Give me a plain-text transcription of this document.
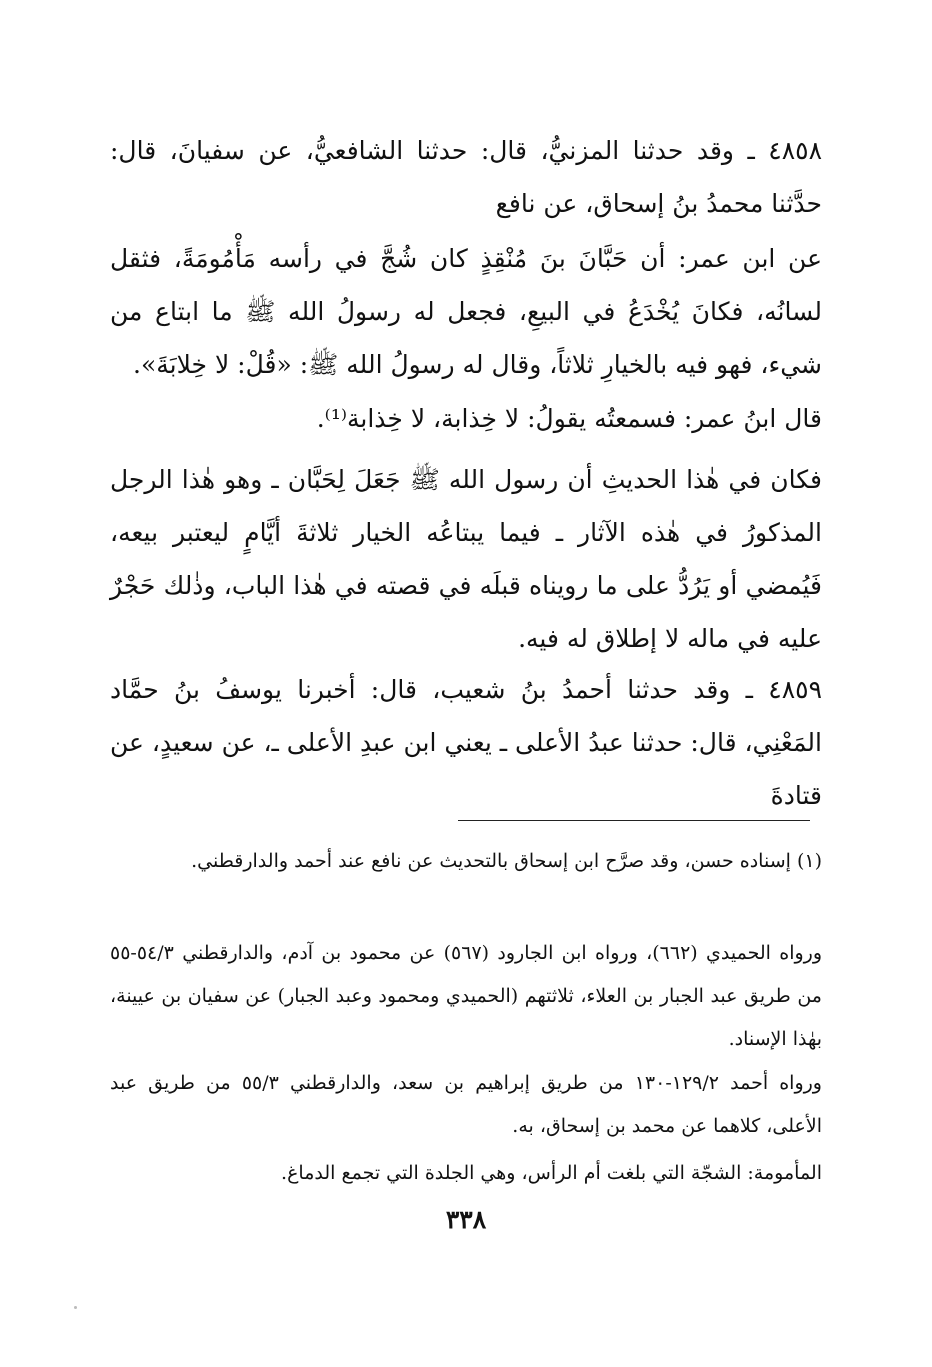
٤٨٥٨ ـ وقد حدثنا المزنيُّ، قال: حدثنا الشافعيُّ، عن سفيانَ، قال: حدَّثنا محمدُ بنُ إسحاق، عن نافع

عن ابن عمر: أن حَبَّانَ بنَ مُنْقِذٍ كان شُجَّ في رأسه مَأْمُومَةً، فثقل لسانُه، فكانَ يُخْدَعُ في البيعِ، فجعل له رسولُ الله ﷺ ما ابتاع من شيء، فهو فيه بالخيارِ ثلاثاً، وقال له رسولُ الله ﷺ: «قُلْ: لا خِلابَةَ».

قال ابنُ عمر: فسمعتُه يقولُ: لا خِذابة، لا خِذابة⁽¹⁾.

فكان في هٰذا الحديثِ أن رسول الله ﷺ جَعَلَ لِحَبَّان ـ وهو هٰذا الرجل المذكورُ في هٰذه الآثار ـ فيما يبتاعُه الخيار ثلاثةَ أيَّامٍ ليعتبر بيعه، فَيُمضي أو يَرُدُّ على ما رويناه قبلَه في قصته في هٰذا الباب، وذٰلك حَجْرٌ عليه في ماله لا إطلاق له فيه.

٤٨٥٩ ـ وقد حدثنا أحمدُ بنُ شعيب، قال: أخبرنا يوسفُ بنُ حمَّاد المَعْنِي، قال: حدثنا عبدُ الأعلى ـ يعني ابن عبدِ الأعلى ـ، عن سعيدٍ، عن قتادةَ

(١) إسناده حسن، وقد صرَّح ابن إسحاق بالتحديث عن نافع عند أحمد والدارقطني.

ورواه الحميدي (٦٦٢)، ورواه ابن الجارود (٥٦٧) عن محمود بن آدم، والدارقطني ٥٤/٣-٥٥ من طريق عبد الجبار بن العلاء، ثلاثتهم (الحميدي ومحمود وعبد الجبار) عن سفيان بن عيينة، بهٰذا الإسناد.

ورواه أحمد ١٢٩/٢-١٣٠ من طريق إبراهيم بن سعد، والدارقطني ٥٥/٣ من طريق عبد الأعلى، كلاهما عن محمد بن إسحاق، به.

المأمومة: الشجّة التي بلغت أم الرأس، وهي الجلدة التي تجمع الدماغ.

٣٣٨
